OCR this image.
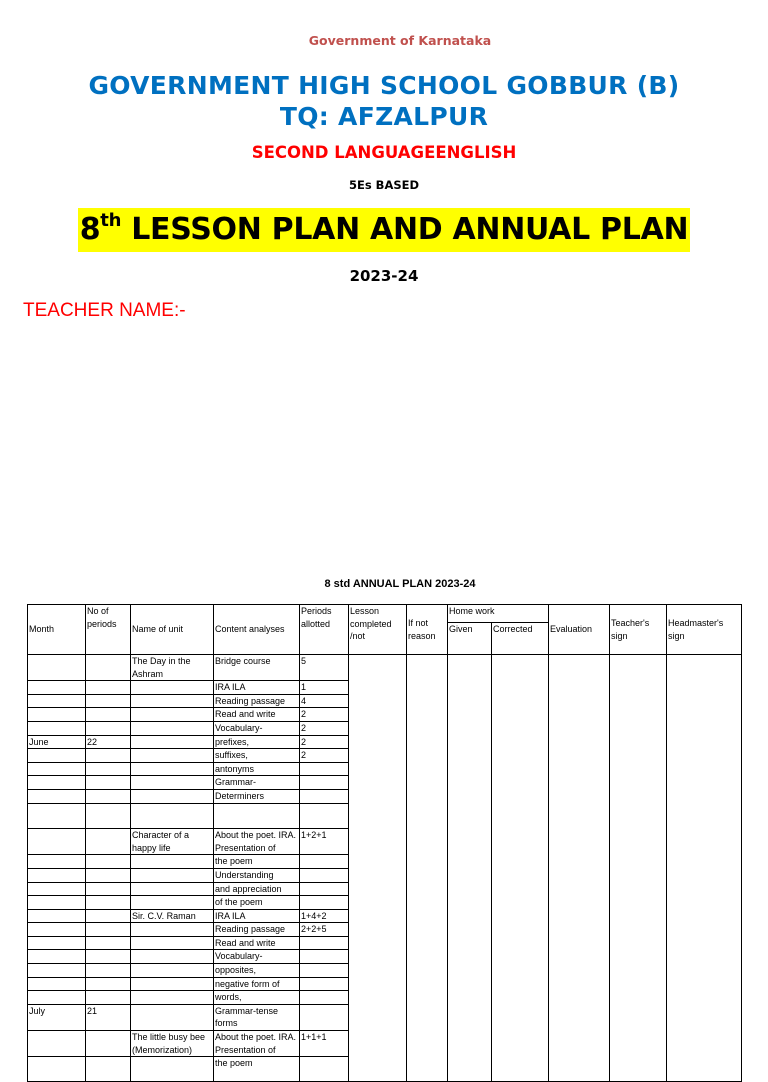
Government of Karnataka
GOVERNMENT HIGH SCHOOL GOBBUR (B)
TQ: AFZALPUR
SECOND LANGUAGEENGLISH
5Es BASED
8th LESSON PLAN AND ANNUAL PLAN
2023-24
TEACHER NAME:-
8 std ANNUAL PLAN 2023-24
Month	No of periods	Name of unit	Content analyses	Periods allotted	Lesson completed /not	If not reason	Home work		Evaluation	Teacher's sign	Headmaster's sign
							Given	Corrected			
		The Day in the Ashram	Bridge course	5							
			IRA ILA	1							
			Reading passage	4							
			Read and write	2							
			Vocabulary-	2							
June	22		prefixes,	2							
			suffixes,	2							
			antonyms								
			Grammar-								
			Determiners								

		Character of a happy life	About the poet. IRA. Presentation of	1+2+1							
			the poem								
			Understanding								
			and appreciation								
			of the poem								
		Sir. C.V. Raman	IRA ILA	1+4+2							
			Reading passage	2+2+5							
			Read and write								
			Vocabulary-								
			opposites,								
			negative form of								
			words,								
July	21		Grammar-tense forms								
		The little busy bee (Memorization)	About the poet. IRA. Presentation of	1+1+1							
			the poem								
